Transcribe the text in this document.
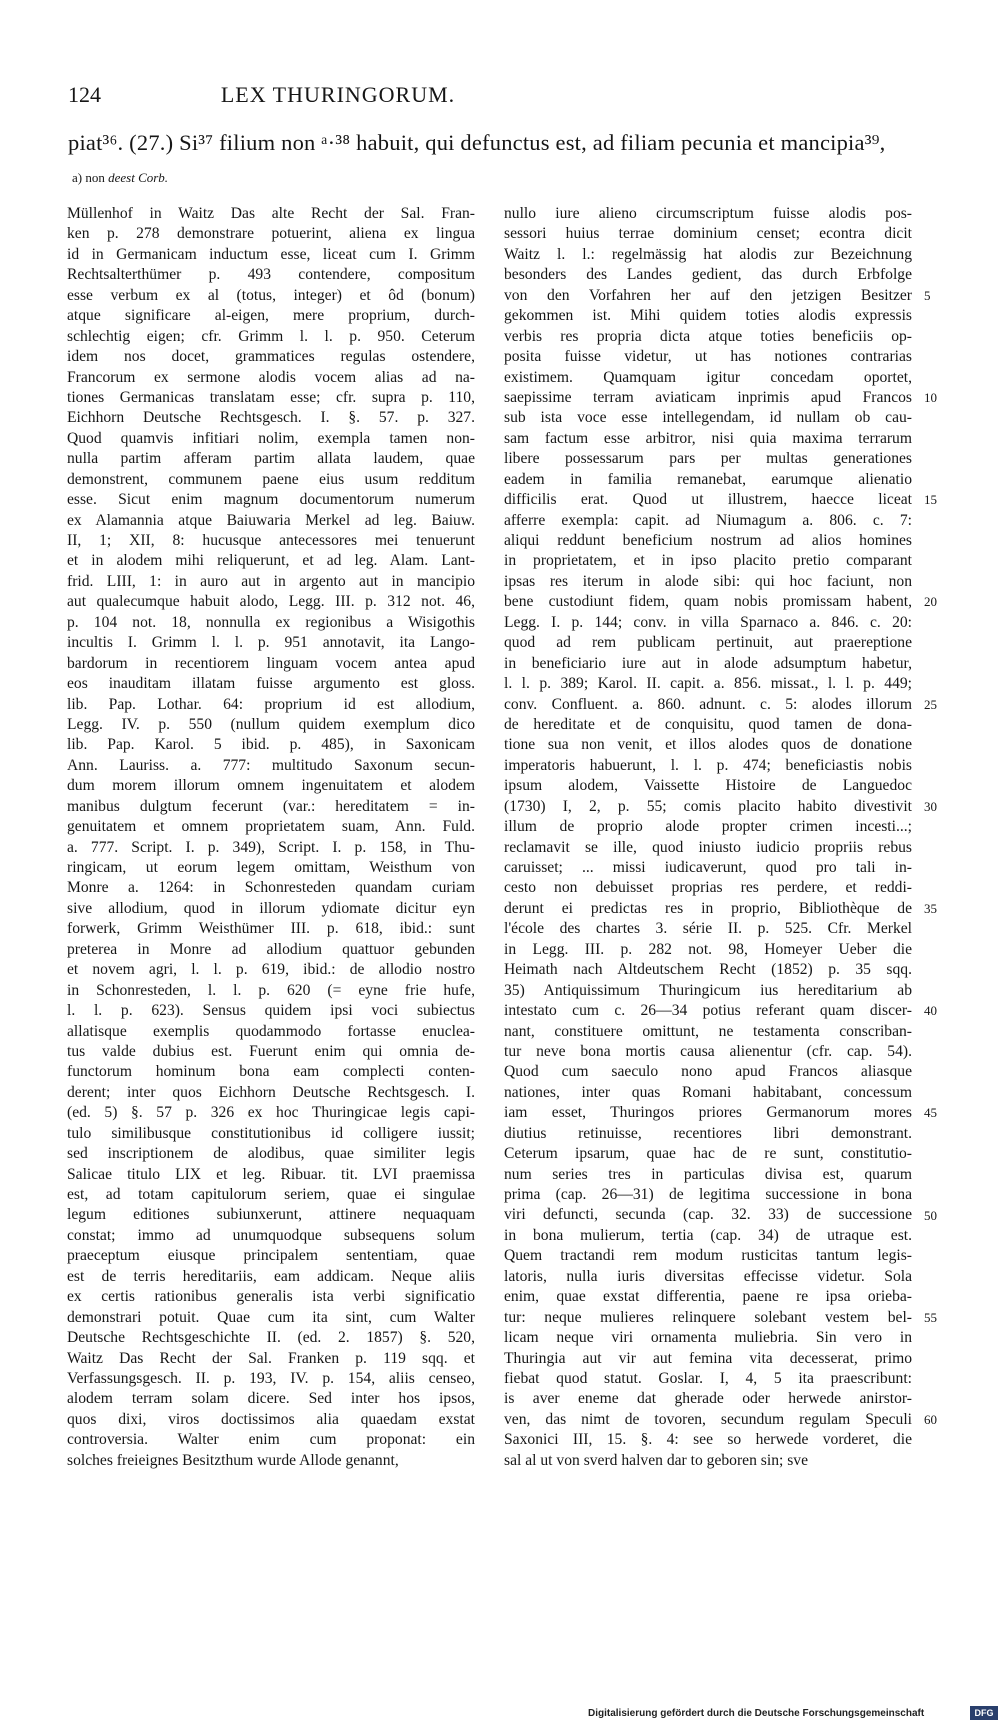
124	LEX THURINGORUM.
piat³⁶. (27.) Si³⁷ filium non ᵃ·³⁸ habuit, qui defunctus est, ad filiam pecunia et mancipia³⁹,
a) non deest Corb.
Müllenhof in Waitz Das alte Recht der Sal. Fran-
ken p. 278 demonstrare potuerint, aliena ex lingua
id in Germanicam inductum esse, liceat cum I. Grimm
Rechtsalterthümer p. 493 contendere, compositum
esse verbum ex al (totus, integer) et ôd (bonum)
atque significare al-eigen, mere proprium, durch-
schlechtig eigen; cfr. Grimm l. l. p. 950. Ceterum
idem nos docet, grammatices regulas ostendere,
Francorum ex sermone alodis vocem alias ad na-
tiones Germanicas translatam esse; cfr. supra p. 110,
Eichhorn Deutsche Rechtsgesch. I. §. 57. p. 327.
Quod quamvis infitiari nolim, exempla tamen non-
nulla partim afferam partim allata laudem, quae
demonstrent, communem paene eius usum redditum
esse. Sicut enim magnum documentorum numerum
ex Alamannia atque Baiuwaria Merkel ad leg. Baiuw.
II, 1; XII, 8: hucusque antecessores mei tenuerunt
et in alodem mihi reliquerunt, et ad leg. Alam. Lant-
frid. LIII, 1: in auro aut in argento aut in mancipio
aut qualecumque habuit alodo, Legg. III. p. 312 not. 46,
p. 104 not. 18, nonnulla ex regionibus a Wisigothis
incultis I. Grimm l. l. p. 951 annotavit, ita Lango-
bardorum in recentiorem linguam vocem antea apud
eos inauditam illatam fuisse argumento est gloss.
lib. Pap. Lothar. 64: proprium id est allodium,
Legg. IV. p. 550 (nullum quidem exemplum dico
lib. Pap. Karol. 5 ibid. p. 485), in Saxonicam
Ann. Lauriss. a. 777: multitudo Saxonum secun-
dum morem illorum omnem ingenuitatem et alodem
manibus dulgtum fecerunt (var.: hereditatem = in-
genuitatem et omnem proprietatem suam, Ann. Fuld.
a. 777. Script. I. p. 349), Script. I. p. 158, in Thu-
ringicam, ut eorum legem omittam, Weisthum von
Monre a. 1264: in Schonresteden quandam curiam
sive allodium, quod in illorum ydiomate dicitur eyn
forwerk, Grimm Weisthümer III. p. 618, ibid.: sunt
preterea in Monre ad allodium quattuor gebunden
et novem agri, l. l. p. 619, ibid.: de allodio nostro
in Schonresteden, l. l. p. 620 (= eyne frie hufe,
l. l. p. 623). Sensus quidem ipsi voci subiectus
allatisque exemplis quodammodo fortasse enuclea-
tus valde dubius est. Fuerunt enim qui omnia de-
functorum hominum bona eam complecti conten-
derent; inter quos Eichhorn Deutsche Rechtsgesch. I.
(ed. 5) §. 57 p. 326 ex hoc Thuringicae legis capi-
tulo similibusque constitutionibus id colligere iussit;
sed inscriptionem de alodibus, quae similiter legis
Salicae titulo LIX et leg. Ribuar. tit. LVI praemissa
est, ad totam capitulorum seriem, quae ei singulae
legum editiones subiunxerunt, attinere nequaquam
constat; immo ad unumquodque subsequens solum
praeceptum eiusque principalem sententiam, quae
est de terris hereditariis, eam addicam. Neque aliis
ex certis rationibus generalis ista verbi significatio
demonstrari potuit. Quae cum ita sint, cum Walter
Deutsche Rechtsgeschichte II. (ed. 2. 1857) §. 520,
Waitz Das Recht der Sal. Franken p. 119 sqq. et
Verfassungsgesch. II. p. 193, IV. p. 154, aliis censeo,
alodem terram solam dicere. Sed inter hos ipsos,
quos dixi, viros doctissimos alia quaedam exstat
controversia. Walter enim cum proponat: ein
solches freieignes Besitzthum wurde Allode genannt,
nullo iure alieno circumscriptum fuisse alodis pos-
sessori huius terrae dominium censet; econtra dicit
Waitz l. l.: regelmässig hat alodis zur Bezeichnung
besonders des Landes gedient, das durch Erbfolge
von den Vorfahren her auf den jetzigen Besitzer
gekommen ist. Mihi quidem toties alodis expressis
verbis res propria dicta atque toties beneficiis op-
posita fuisse videtur, ut has notiones contrarias
existimem. Quamquam igitur concedam oportet,
saepissime terram aviaticam inprimis apud Francos
sub ista voce esse intellegendam, id nullam ob cau-
sam factum esse arbitror, nisi quia maxima terrarum
libere possessarum pars per multas generationes
eadem in familia remanebat, earumque alienatio
difficilis erat. Quod ut illustrem, haecce liceat
afferre exempla: capit. ad Niumagum a. 806. c. 7:
aliqui reddunt beneficium nostrum ad alios homines
in proprietatem, et in ipso placito pretio comparant
ipsas res iterum in alode sibi: qui hoc faciunt, non
bene custodiunt fidem, quam nobis promissam habent,
Legg. I. p. 144; conv. in villa Sparnaco a. 846. c. 20:
quod ad rem publicam pertinuit, aut praereptione
in beneficiario iure aut in alode adsumptum habetur,
l. l. p. 389; Karol. II. capit. a. 856. missat., l. l. p. 449;
conv. Confluent. a. 860. adnunt. c. 5: alodes illorum
de hereditate et de conquisitu, quod tamen de dona-
tione sua non venit, et illos alodes quos de donatione
imperatoris habuerunt, l. l. p. 474; beneficiastis nobis
ipsum alodem, Vaissette Histoire de Languedoc
(1730) I, 2, p. 55; comis placito habito divestivit
illum de proprio alode propter crimen incesti...;
reclamavit se ille, quod iniusto iudicio propriis rebus
caruisset; ... missi iudicaverunt, quod pro tali in-
cesto non debuisset proprias res perdere, et reddi-
derunt ei predictas res in proprio, Bibliothèque de
l'école des chartes 3. série II. p. 525. Cfr. Merkel
in Legg. III. p. 282 not. 98, Homeyer Ueber die
Heimath nach Altdeutschem Recht (1852) p. 35 sqq.
35) Antiquissimum Thuringicum ius hereditarium ab
intestato cum c. 26—34 potius referant quam discer-
nant, constituere omittunt, ne testamenta conscriban-
tur neve bona mortis causa alienentur (cfr. cap. 54).
Quod cum saeculo nono apud Francos aliasque
nationes, inter quas Romani habitabant, concessum
iam esset, Thuringos priores Germanorum mores
diutius retinuisse, recentiores libri demonstrant.
Ceterum ipsarum, quae hac de re sunt, constitutio-
num series tres in particulas divisa est, quarum
prima (cap. 26—31) de legitima successione in bona
viri defuncti, secunda (cap. 32. 33) de successione
in bona mulierum, tertia (cap. 34) de utraque est.
Quem tractandi rem modum rusticitas tantum legis-
latoris, nulla iuris diversitas effecisse videtur. Sola
enim, quae exstat differentia, paene re ipsa orieba-
tur: neque mulieres relinquere solebant vestem bel-
licam neque viri ornamenta muliebria. Sin vero in
Thuringia aut vir aut femina vita decesserat, primo
fiebat quod statut. Goslar. I, 4, 5 ita praescribunt:
is aver eneme dat gherade oder herwede anirstor-
ven, das nimt de tovoren, secundum regulam Speculi
Saxonici III, 15. §. 4: see so herwede vorderet, die
sal al ut von sverd halven dar to geboren sin; sve
5
10
15
20
25
30
35
40
45
50
55
60
Digitalisierung gefördert durch die Deutsche Forschungsgemeinschaft	DFG
